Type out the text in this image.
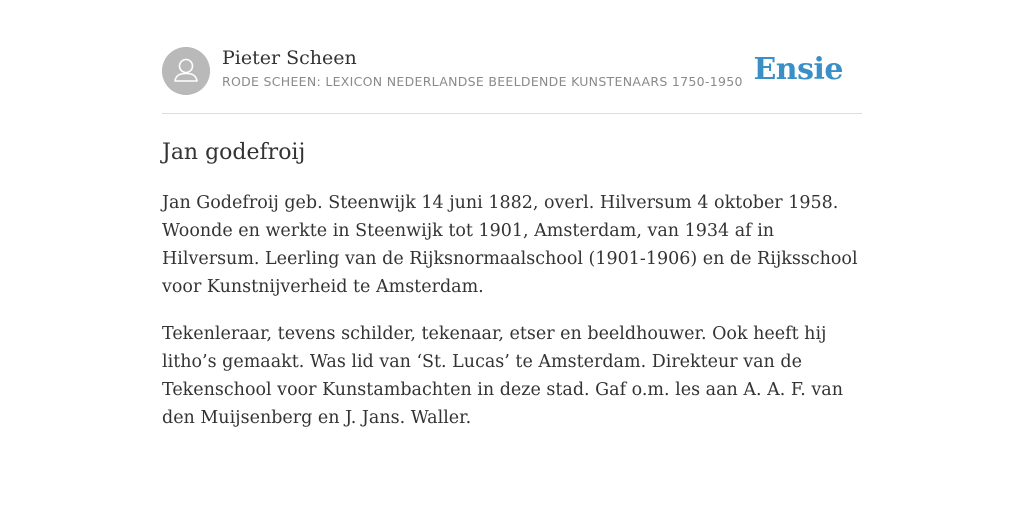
Pieter Scheen
RODE SCHEEN: LEXICON NEDERLANDSE BEELDENDE KUNSTENAARS 1750-1950 Ensie
Jan godefroij

Jan Godefroij geb. Steenwijk 14 juni 1882, overl. Hilversum 4 oktober 1958. Woonde en werkte in Steenwijk tot 1901, Amsterdam, van 1934 af in Hilversum. Leerling van de Rijksnormaalschool (1901-1906) en de Rijksschool voor Kunstnijverheid te Amsterdam.

Tekenleraar, tevens schilder, tekenaar, etser en beeldhouwer. Ook heeft hij litho’s gemaakt. Was lid van ‘St. Lucas’ te Amsterdam. Direkteur van de Tekenschool voor Kunstambachten in deze stad. Gaf o.m. les aan A. A. F. van den Muijsenberg en J. Jans. Waller.
